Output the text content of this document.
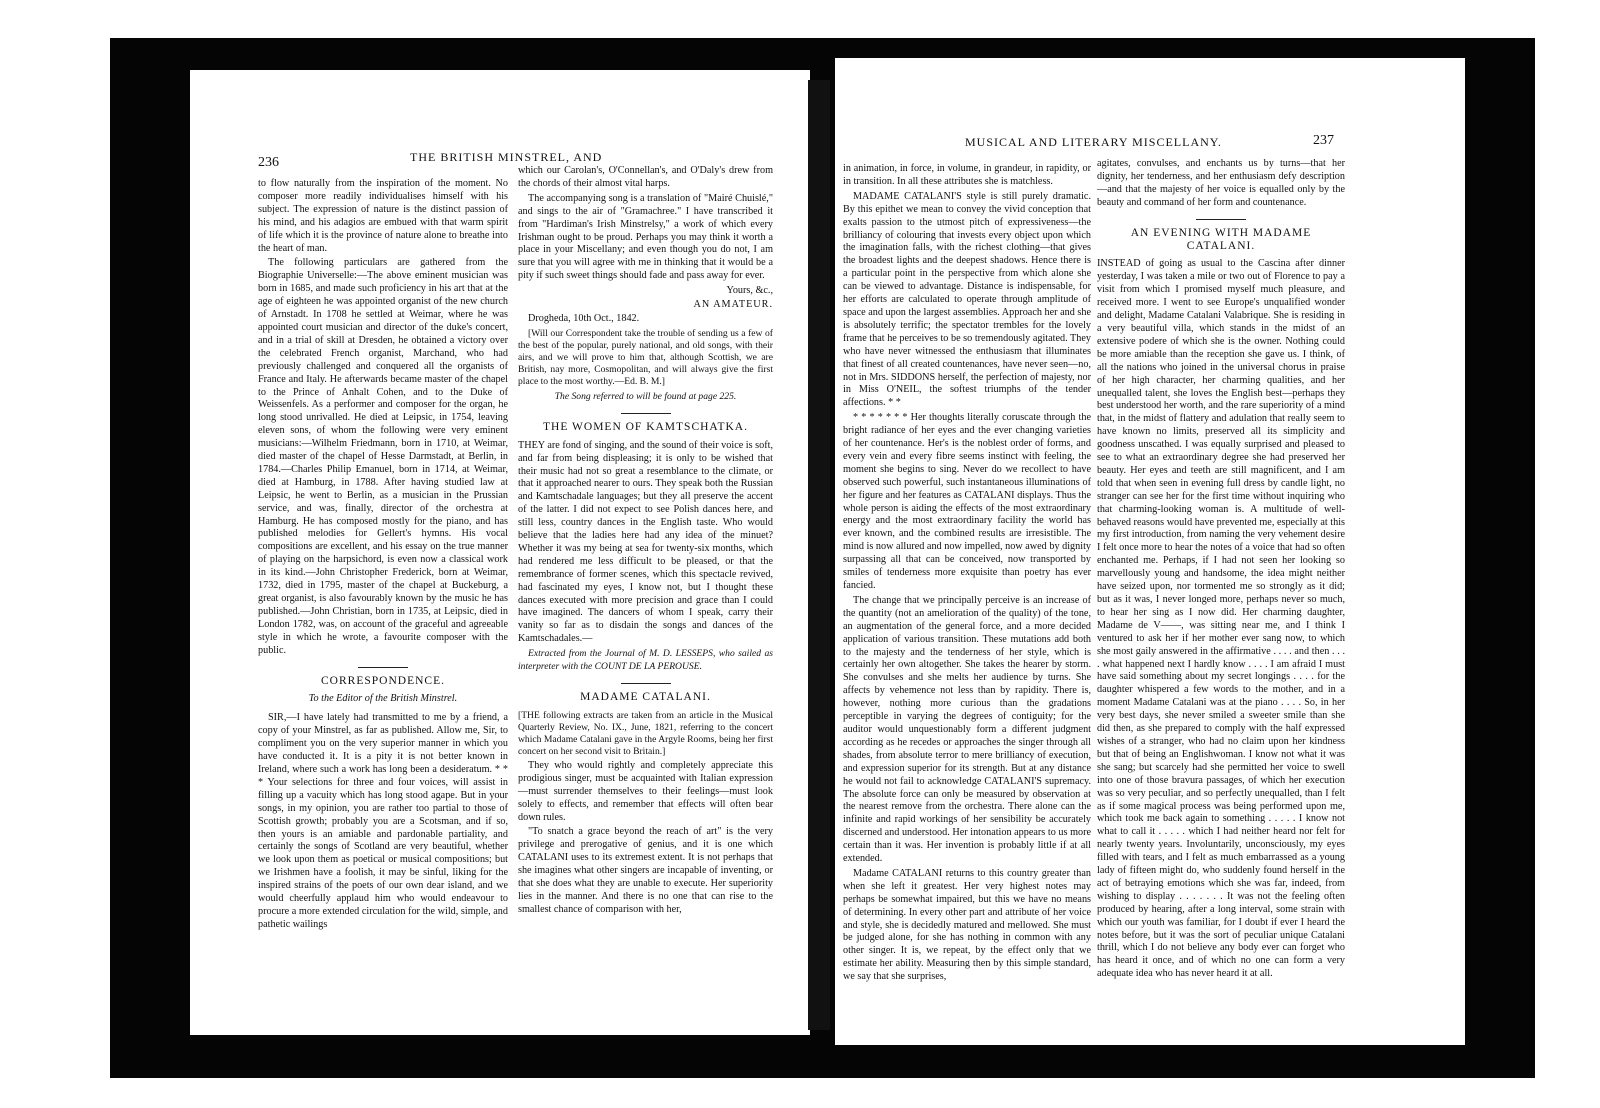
236	THE BRITISH MINSTREL, AND

to flow naturally from the inspiration of the moment. No composer more readily individualises himself with his subject. The expression of nature is the distinct passion of his mind, and his adagios are embued with that warm spirit of life which it is the province of nature alone to breathe into the heart of man.

The following particulars are gathered from the Biographie Universelle:—The above eminent musician was born in 1685, and made such proficiency in his art that at the age of eighteen he was appointed organist of the new church of Arnstadt. In 1708 he settled at Weimar, where he was appointed court musician and director of the duke's concert, and in a trial of skill at Dresden, he obtained a victory over the celebrated French organist, Marchand, who had previously challenged and conquered all the organists of France and Italy. He afterwards became master of the chapel to the Prince of Anhalt Cohen, and to the Duke of Weissenfels. As a performer and composer for the organ, he long stood unrivalled. He died at Leipsic, in 1754, leaving eleven sons, of whom the following were very eminent musicians:—Wilhelm Friedmann, born in 1710, at Weimar, died master of the chapel of Hesse Darmstadt, at Berlin, in 1784.—Charles Philip Emanuel, born in 1714, at Weimar, died at Hamburg, in 1788. After having studied law at Leipsic, he went to Berlin, as a musician in the Prussian service, and was, finally, director of the orchestra at Hamburg. He has composed mostly for the piano, and has published melodies for Gellert's hymns. His vocal compositions are excellent, and his essay on the true manner of playing on the harpsichord, is even now a classical work in its kind.—John Christopher Frederick, born at Weimar, 1732, died in 1795, master of the chapel at Buckeburg, a great organist, is also favourably known by the music he has published.—John Christian, born in 1735, at Leipsic, died in London 1782, was, on account of the graceful and agreeable style in which he wrote, a favourite composer with the public.

CORRESPONDENCE.
To the Editor of the British Minstrel.

SIR,—I have lately had transmitted to me by a friend, a copy of your Minstrel, as far as published. Allow me, Sir, to compliment you on the very superior manner in which you have conducted it. It is a pity it is not better known in Ireland, where such a work has long been a desideratum. * * * Your selections for three and four voices, will assist in filling up a vacuity which has long stood agape. But in your songs, in my opinion, you are rather too partial to those of Scottish growth; probably you are a Scotsman, and if so, then yours is an amiable and pardonable partiality, and certainly the songs of Scotland are very beautiful, whether we look upon them as poetical or musical compositions; but we Irishmen have a foolish, it may be sinful, liking for the inspired strains of the poets of our own dear island, and we would cheerfully applaud him who would endeavour to procure a more extended circulation for the wild, simple, and pathetic wailings

which our Carolan's, O'Connellan's, and O'Daly's drew from the chords of their almost vital harps.

The accompanying song is a translation of "Mairé Chuislé," and sings to the air of "Gramachree." I have transcribed it from "Hardiman's Irish Minstrelsy," a work of which every Irishman ought to be proud. Perhaps you may think it worth a place in your Miscellany; and even though you do not, I am sure that you will agree with me in thinking that it would be a pity if such sweet things should fade and pass away for ever.

Yours, &c.,
AN AMATEUR.

Drogheda, 10th Oct., 1842.

[Will our Correspondent take the trouble of sending us a few of the best of the popular, purely national, and old songs, with their airs, and we will prove to him that, although Scottish, we are British, nay more, Cosmopolitan, and will always give the first place to the most worthy.—Ed. B. M.]

The Song referred to will be found at page 225.
THE WOMEN OF KAMTSCHATKA.

THEY are fond of singing, and the sound of their voice is soft, and far from being displeasing; it is only to be wished that their music had not so great a resemblance to the climate, or that it approached nearer to ours. They speak both the Russian and Kamtschadale languages; but they all preserve the accent of the latter. I did not expect to see Polish dances here, and still less, country dances in the English taste. Who would believe that the ladies here had any idea of the minuet? Whether it was my being at sea for twenty-six months, which had rendered me less difficult to be pleased, or that the remembrance of former scenes, which this spectacle revived, had fascinated my eyes, I know not, but I thought these dances executed with more precision and grace than I could have imagined. The dancers of whom I speak, carry their vanity so far as to disdain the songs and dances of the Kamtschadales.—

Extracted from the Journal of M. D. LESSEPS, who sailed as interpreter with the COUNT DE LA PEROUSE.

MADAME CATALANI.

[THE following extracts are taken from an article in the Musical Quarterly Review, No. IX., June, 1821, referring to the concert which Madame Catalani gave in the Argyle Rooms, being her first concert on her second visit to Britain.]

They who would rightly and completely appreciate this prodigious singer, must be acquainted with Italian expression—must surrender themselves to their feelings—must look solely to effects, and remember that effects will often bear down rules.

"To snatch a grace beyond the reach of art" is the very privilege and prerogative of genius, and it is one which CATALANI uses to its extremest extent. It is not perhaps that she imagines what other singers are incapable of inventing, or that she does what they are unable to execute. Her superiority lies in the manner. And there is no one that can rise to the smallest chance of comparison with her,

MUSICAL AND LITERARY MISCELLANY.	237

in animation, in force, in volume, in grandeur, in rapidity, or in transition. In all these attributes she is matchless.

MADAME CATALANI'S style is still purely dramatic. By this epithet we mean to convey the vivid conception that exalts passion to the utmost pitch of expressiveness—the brilliancy of colouring that invests every object upon which the imagination falls, with the richest clothing—that gives the broadest lights and the deepest shadows. Hence there is a particular point in the perspective from which alone she can be viewed to advantage. Distance is indispensable, for her efforts are calculated to operate through amplitude of space and upon the largest assemblies. Approach her and she is absolutely terrific; the spectator trembles for the lovely frame that he perceives to be so tremendously agitated. They who have never witnessed the enthusiasm that illuminates that finest of all created countenances, have never seen—no, not in Mrs. SIDDONS herself, the perfection of majesty, nor in Miss O'NEIL, the softest triumphs of the tender affections. * *

* * * * * * * Her thoughts literally coruscate through the bright radiance of her eyes and the ever changing varieties of her countenance. Her's is the noblest order of forms, and every vein and every fibre seems instinct with feeling, the moment she begins to sing. Never do we recollect to have observed such powerful, such instantaneous illuminations of her figure and her features as CATALANI displays. Thus the whole person is aiding the effects of the most extraordinary energy and the most extraordinary facility the world has ever known, and the combined results are irresistible. The mind is now allured and now impelled, now awed by dignity surpassing all that can be conceived, now transported by smiles of tenderness more exquisite than poetry has ever fancied.

The change that we principally perceive is an increase of the quantity (not an amelioration of the quality) of the tone, an augmentation of the general force, and a more decided application of various transition. These mutations add both to the majesty and the tenderness of her style, which is certainly her own altogether. She takes the hearer by storm. She convulses and she melts her audience by turns. She affects by vehemence not less than by rapidity. There is, however, nothing more curious than the gradations perceptible in varying the degrees of contiguity; for the auditor would unquestionably form a different judgment according as he recedes or approaches the singer through all shades, from absolute terror to mere brilliancy of execution, and expression superior for its strength. But at any distance he would not fail to acknowledge CATALANI'S supremacy. The absolute force can only be measured by observation at the nearest remove from the orchestra. There alone can the infinite and rapid workings of her sensibility be accurately discerned and understood. Her intonation appears to us more certain than it was. Her invention is probably little if at all extended.

Madame CATALANI returns to this country greater than when she left it greatest. Her very highest notes may perhaps be somewhat impaired, but this we have no means of determining. In every other part and attribute of her voice and style, she is decidedly matured and mellowed. She must be judged alone, for she has nothing in common with any other singer. It is, we repeat, by the effect only that we estimate her ability. Measuring then by this simple standard, we say that she surprises,

agitates, convulses, and enchants us by turns—that her dignity, her tenderness, and her enthusiasm defy description—and that the majesty of her voice is equalled only by the beauty and command of her form and countenance.

AN EVENING WITH MADAME CATALANI.

INSTEAD of going as usual to the Cascina after dinner yesterday, I was taken a mile or two out of Florence to pay a visit from which I promised myself much pleasure, and received more. I went to see Europe's unqualified wonder and delight, Madame Catalani Valabrique. She is residing in a very beautiful villa, which stands in the midst of an extensive podere of which she is the owner. Nothing could be more amiable than the reception she gave us. I think, of all the nations who joined in the universal chorus in praise of her high character, her charming qualities, and her unequalled talent, she loves the English best—perhaps they best understood her worth, and the rare superiority of a mind that, in the midst of flattery and adulation that really seem to have known no limits, preserved all its simplicity and goodness unscathed. I was equally surprised and pleased to see to what an extraordinary degree she had preserved her beauty. Her eyes and teeth are still magnificent, and I am told that when seen in evening full dress by candle light, no stranger can see her for the first time without inquiring who that charming-looking woman is. A multitude of well-behaved reasons would have prevented me, especially at this my first introduction, from naming the very vehement desire I felt once more to hear the notes of a voice that had so often enchanted me. Perhaps, if I had not seen her looking so marvellously young and handsome, the idea might neither have seized upon, nor tormented me so strongly as it did; but as it was, I never longed more, perhaps never so much, to hear her sing as I now did. Her charming daughter, Madame de V——, was sitting near me, and I think I ventured to ask her if her mother ever sang now, to which she most gaily answered in the affirmative . . . . and then . . . . what happened next I hardly know . . . . I am afraid I must have said something about my secret longings . . . . for the daughter whispered a few words to the mother, and in a moment Madame Catalani was at the piano . . . . So, in her very best days, she never smiled a sweeter smile than she did then, as she prepared to comply with the half expressed wishes of a stranger, who had no claim upon her kindness but that of being an Englishwoman. I know not what it was she sang; but scarcely had she permitted her voice to swell into one of those bravura passages, of which her execution was so very peculiar, and so perfectly unequalled, than I felt as if some magical process was being performed upon me, which took me back again to something . . . . . I know not what to call it . . . . . which I had neither heard nor felt for nearly twenty years. Involuntarily, unconsciously, my eyes filled with tears, and I felt as much embarrassed as a young lady of fifteen might do, who suddenly found herself in the act of betraying emotions which she was far, indeed, from wishing to display . . . . . . . It was not the feeling often produced by hearing, after a long interval, some strain with which our youth was familiar, for I doubt if ever I heard the notes before, but it was the sort of peculiar unique Catalani thrill, which I do not believe any body ever can forget who has heard it once, and of which no one can form a very adequate idea who has never heard it at all.
